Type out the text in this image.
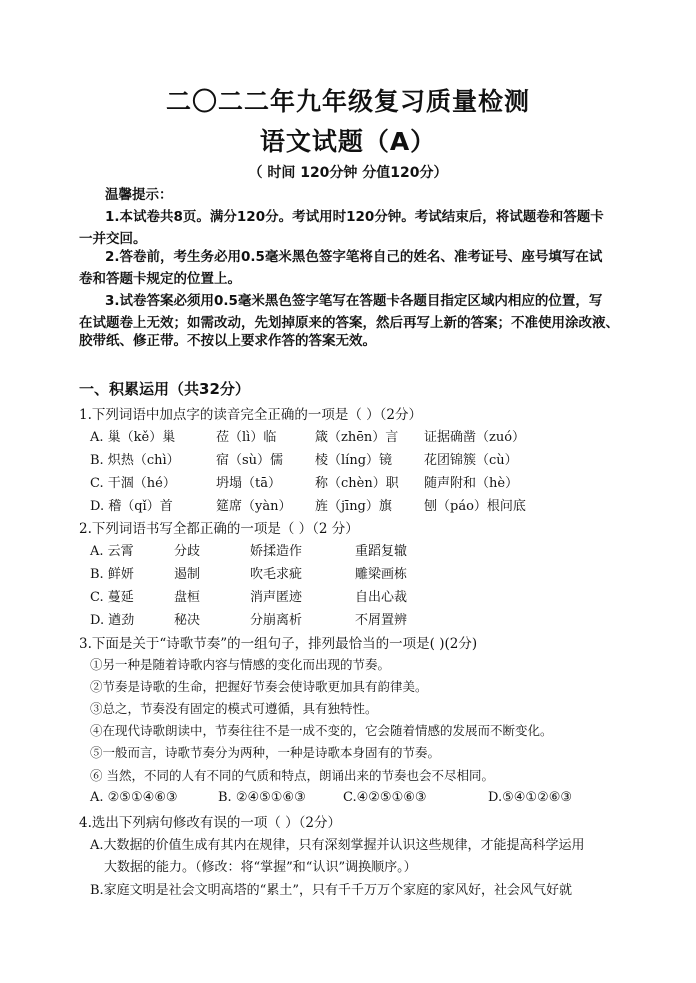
二〇二二年九年级复习质量检测
语文试题（A）
（ 时间 120分钟 分值120分）
温馨提示：
1.本试卷共8页。满分120分。考试用时120分钟。考试结束后，将试题卷和答题卡
一并交回。
2.答卷前，考生务必用0.5毫米黑色签字笔将自己的姓名、准考证号、座号填写在试
卷和答题卡规定的位置上。
3.试卷答案必须用0.5毫米黑色签字笔写在答题卡各题目指定区域内相应的位置，写
在试题卷上无效；如需改动，先划掉原来的答案，然后再写上新的答案；不准使用涂改液、
胶带纸、修正带。不按以上要求作答的答案无效。
一、积累运用（共32分）
1.下列词语中加点字的读音完全正确的一项是（ ）（2分）
A. 巢（kě）巢	莅（lì）临	箴（zhēn）言 证据确凿（zuó）
B. 炽热（chì）	宿（sù）儒 棱（líng）镜 花团锦簇（cù）
C. 干涸（hé）	坍塌（tā）	称（chèn）职 随声附和（hè）
D. 稽（qǐ）首	筵席（yàn） 旌（jīng）旗 刨（páo）根问底
2.下列词语书写全都正确的一项是（ ）（2 分）
A. 云霄	分歧	娇揉造作	重蹈复辙
B. 鲜妍	遏制	吹毛求疵	雕梁画栋
C. 蔓延	盘桓	消声匿迹	自出心裁
D. 遒劲	秘决	分崩离析	不屑置辨
3.下面是关于“诗歌节奏”的一组句子，排列最恰当的一项是( )(2分)
①另一种是随着诗歌内容与情感的变化而出现的节奏。
②节奏是诗歌的生命，把握好节奏会使诗歌更加具有韵律美。
③总之，节奏没有固定的模式可遵循，具有独特性。
④在现代诗歌朗读中，节奏往往不是一成不变的，它会随着情感的发展而不断变化。
⑤一般而言，诗歌节奏分为两种，一种是诗歌本身固有的节奏。
⑥ 当然，不同的人有不同的气质和特点，朗诵出来的节奏也会不尽相同。
A. ②⑤①④⑥③	B. ②④⑤①⑥③	C.④②⑤①⑥③	D.⑤④①②⑥③
4.选出下列病句修改有误的一项（ ）（2分）
A.大数据的价值生成有其内在规律，只有深刻掌握并认识这些规律，才能提高科学运用
大数据的能力。（修改：将“掌握”和“认识”调换顺序。）
B.家庭文明是社会文明高塔的“累土”，只有千千万万个家庭的家风好，社会风气好就
